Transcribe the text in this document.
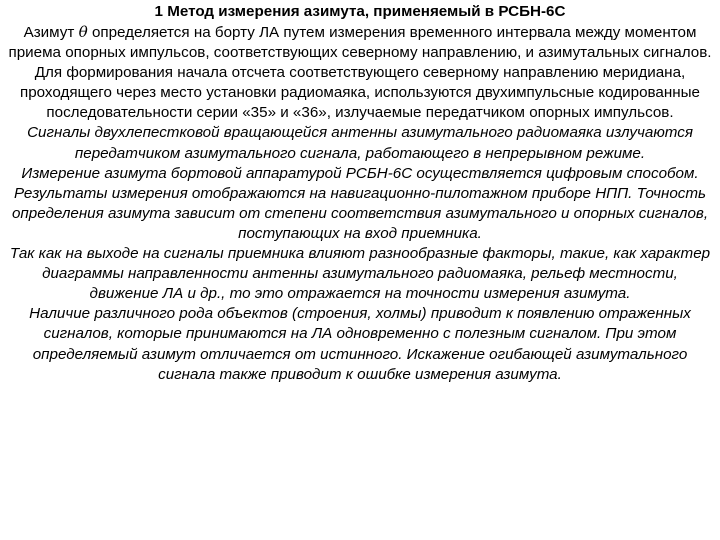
1 Метод измерения азимута, применяемый в РСБН-6С

Азимут θ определяется на борту ЛА путем измерения временного интервала между моментом приема опорных импульсов, соответствующих северному направлению, и азимутальных сигналов. Для формирования начала отсчета соответствующего северному направлению меридиана, проходящего через место установки радиомаяка, используются двухимпульсные кодированные последовательности серии «35» и «36», излучаемые передатчиком опорных импульсов.

Сигналы двухлепестковой вращающейся антенны азимутального радиомаяка излучаются передатчиком азимутального сигнала, работающего в непрерывном режиме.

Измерение азимута бортовой аппаратурой РСБН-6С осуществляется цифровым способом. Результаты измерения отображаются на навигационно-пилотажном приборе НПП. Точность определения азимута зависит от степени соответствия азимутального и опорных сигналов, поступающих на вход приемника.

Так как на выходе на сигналы приемника влияют разнообразные факторы, такие, как характер диаграммы направленности антенны азимутального радиомаяка, рельеф местности, движение ЛА и др., то это отражается на точности измерения азимута.

Наличие различного рода объектов (строения, холмы) приводит к появлению отраженных сигналов, которые принимаются на ЛА одновременно с полезным сигналом. При этом определяемый азимут отличается от истинного. Искажение огибающей азимутального сигнала также приводит к ошибке измерения азимута.
